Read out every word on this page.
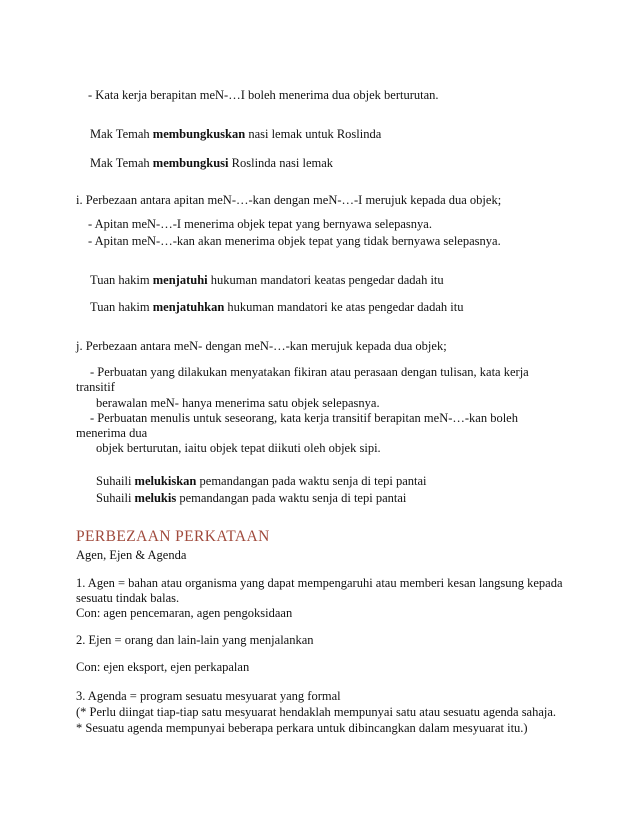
- Kata kerja berapitan meN-…I boleh menerima dua objek berturutan.
Mak Temah membungkuskan nasi lemak untuk Roslinda
Mak Temah membungkusi Roslinda nasi lemak
i. Perbezaan antara apitan meN-…-kan dengan meN-…-I merujuk kepada dua objek;
- Apitan meN-…-I menerima objek tepat yang bernyawa selepasnya.
- Apitan meN-…-kan akan menerima objek tepat yang tidak bernyawa selepasnya.
Tuan hakim menjatuhi hukuman mandatori keatas pengedar dadah itu
Tuan hakim menjatuhkan hukuman mandatori ke atas pengedar dadah itu
j. Perbezaan antara meN- dengan meN-…-kan merujuk kepada dua objek;
- Perbuatan yang dilakukan menyatakan fikiran atau perasaan dengan tulisan, kata kerja
transitif
berawalan meN- hanya menerima satu objek selepasnya.
- Perbuatan menulis untuk seseorang, kata kerja transitif berapitan meN-…-kan boleh
menerima dua
objek berturutan, iaitu objek tepat diikuti oleh objek sipi.
Suhaili melukiskan pemandangan pada waktu senja di tepi pantai
Suhaili melukis pemandangan pada waktu senja di tepi pantai
PERBEZAAN PERKATAAN
Agen, Ejen & Agenda
1. Agen = bahan atau organisma yang dapat mempengaruhi atau memberi kesan langsung kepada
sesuatu tindak balas.
Con: agen pencemaran, agen pengoksidaan
2. Ejen = orang dan lain-lain yang menjalankan
Con: ejen eksport, ejen perkapalan
3. Agenda = program sesuatu mesyuarat yang formal
(* Perlu diingat tiap-tiap satu mesyuarat hendaklah mempunyai satu atau sesuatu agenda sahaja.
* Sesuatu agenda mempunyai beberapa perkara untuk dibincangkan dalam mesyuarat itu.)
